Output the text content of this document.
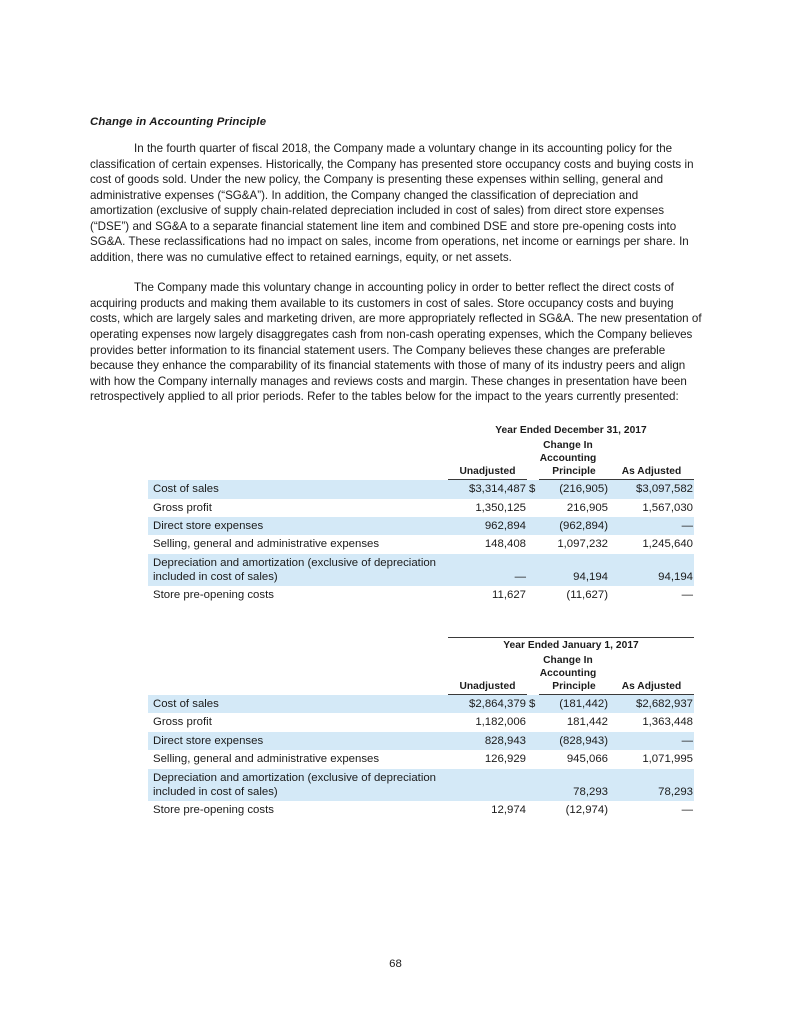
Change in Accounting Principle

In the fourth quarter of fiscal 2018, the Company made a voluntary change in its accounting policy for the classification of certain expenses. Historically, the Company has presented store occupancy costs and buying costs in cost of goods sold. Under the new policy, the Company is presenting these expenses within selling, general and administrative expenses (“SG&A”). In addition, the Company changed the classification of depreciation and amortization (exclusive of supply chain-related depreciation included in cost of sales) from direct store expenses (“DSE”) and SG&A to a separate financial statement line item and combined DSE and store pre-opening costs into SG&A. These reclassifications had no impact on sales, income from operations, net income or earnings per share. In addition, there was no cumulative effect to retained earnings, equity, or net assets.

The Company made this voluntary change in accounting policy in order to better reflect the direct costs of acquiring products and making them available to its customers in cost of sales. Store occupancy costs and buying costs, which are largely sales and marketing driven, are more appropriately reflected in SG&A. The new presentation of operating expenses now largely disaggregates cash from non-cash operating expenses, which the Company believes provides better information to its financial statement users. The Company believes these changes are preferable because they enhance the comparability of its financial statements with those of many of its industry peers and align with how the Company internally manages and reviews costs and margin. These changes in presentation have been retrospectively applied to all prior periods. Refer to the tables below for the impact to the years currently presented:

	Year Ended December 31, 2017			
		Change In		
		Accounting		
	Unadjusted		Principle	As Adjusted
Cost of sales	$3,314,487	$	(216,905)	$3,097,582
Gross profit	1,350,125		216,905	1,567,030
Direct store expenses	962,894		(962,894)	—
Selling, general and administrative expenses	148,408		1,097,232	1,245,640
Depreciation and amortization (exclusive of depreciation included in cost of sales)	—		94,194	94,194
Store pre-opening costs	11,627		(11,627)	—
	Year Ended January 1, 2017			
		Change In		
		Accounting		
	Unadjusted		Principle	As Adjusted
Cost of sales	$2,864,379	$	(181,442)	$2,682,937
Gross profit	1,182,006		181,442	1,363,448
Direct store expenses	828,943		(828,943)	—
Selling, general and administrative expenses	126,929		945,066	1,071,995
Depreciation and amortization (exclusive of depreciation included in cost of sales)			78,293	78,293
Store pre-opening costs	12,974		(12,974)	—
68
